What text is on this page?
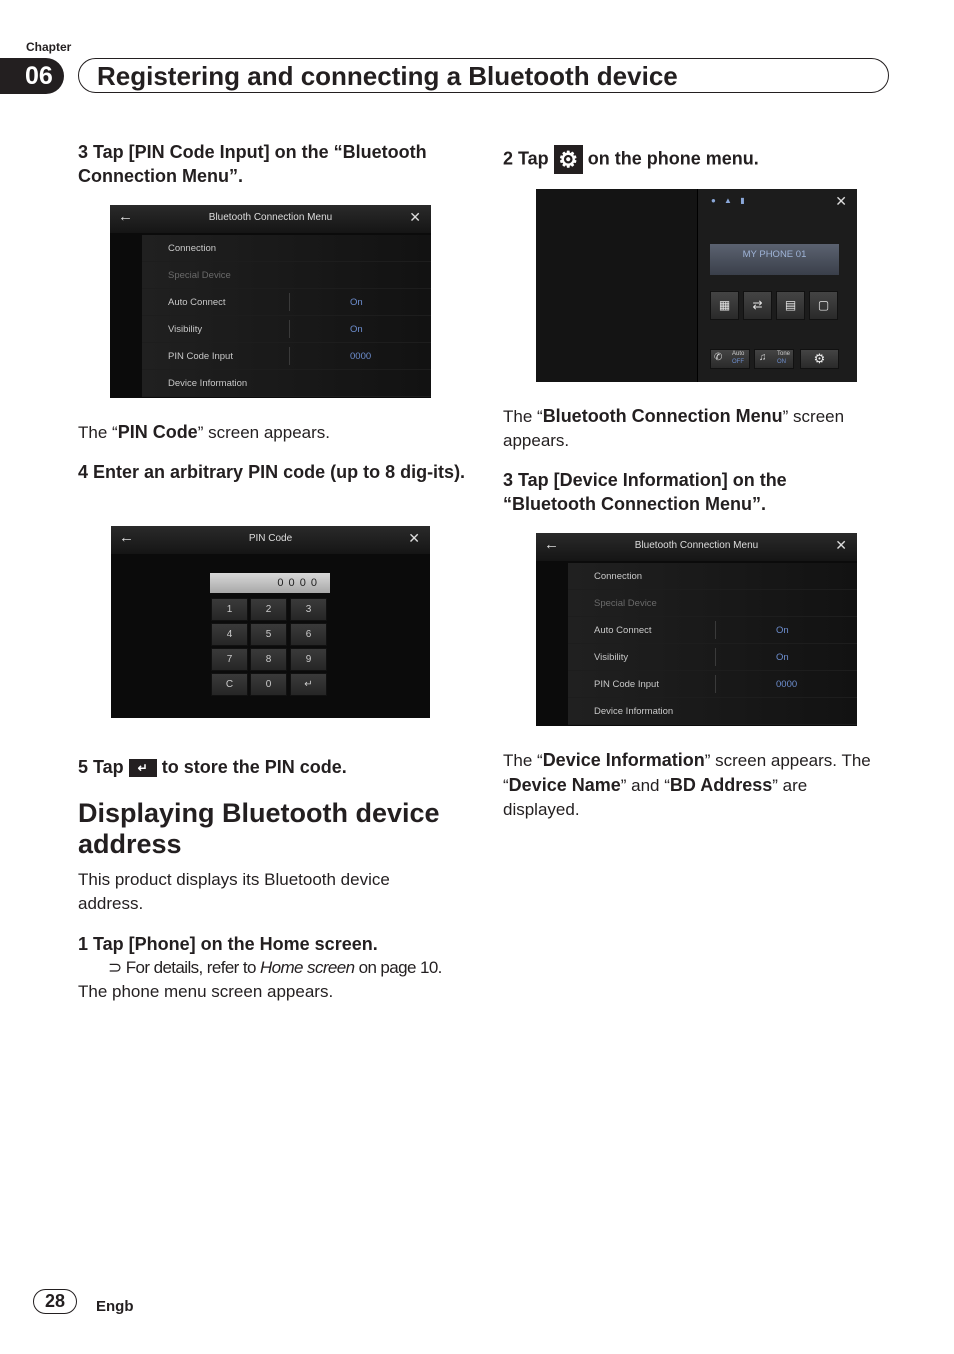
Chapter
06	Registering and connecting a Bluetooth device
3 Tap [PIN Code Input] on the “Bluetooth Connection Menu”.
←	Bluetooth Connection Menu	✕
Connection
Special Device
Auto Connect	On
Visibility	On
PIN Code Input	0000
Device Information
The “PIN Code” screen appears.
4 Enter an arbitrary PIN code (up to 8 dig-its).
←	PIN Code	✕
0 0 0 0
1	2	3
4	5	6
7	8	9
C	0	↵
5 Tap ↵ to store the PIN code.
Displaying Bluetooth device address
This product displays its Bluetooth device address.
1 Tap [Phone] on the Home screen.
⊃ For details, refer to Home screen on page 10.
The phone menu screen appears.
2 Tap ⚙ on the phone menu.
● ▲ ▮	✕
MY PHONE 01
▦	⇄	▤	▢
✆ Auto
OFF ♫ Tone
ON	⚙
The “Bluetooth Connection Menu” screen appears.
3 Tap [Device Information] on the “Bluetooth Connection Menu”.
←	Bluetooth Connection Menu	✕
Connection
Special Device
Auto Connect	On
Visibility	On
PIN Code Input	0000
Device Information
The “Device Information” screen appears. The “Device Name” and “BD Address” are displayed.
28	Engb
